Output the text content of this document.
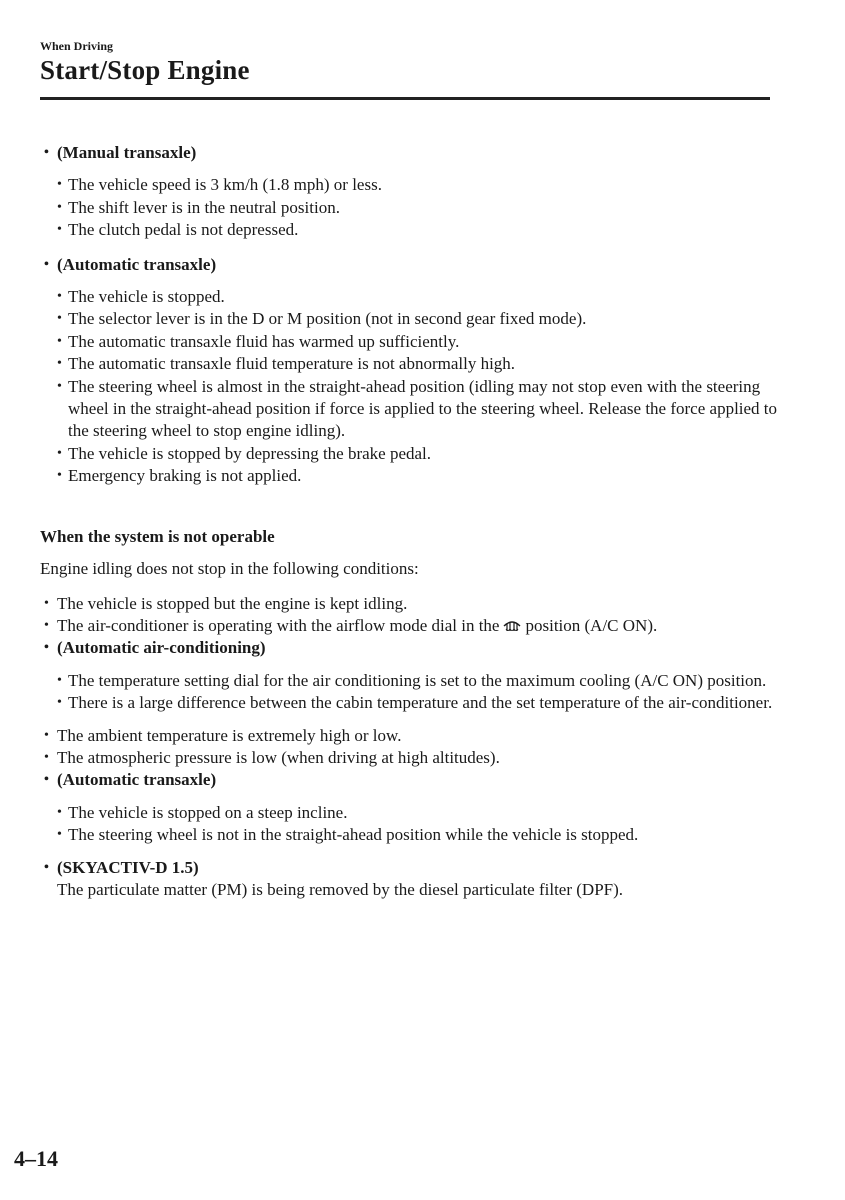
When Driving
Start/Stop Engine
• (Manual transaxle)
• The vehicle speed is 3 km/h (1.8 mph) or less.
• The shift lever is in the neutral position.
• The clutch pedal is not depressed.
• (Automatic transaxle)
• The vehicle is stopped.
• The selector lever is in the D or M position (not in second gear fixed mode).
• The automatic transaxle fluid has warmed up sufficiently.
• The automatic transaxle fluid temperature is not abnormally high.
• The steering wheel is almost in the straight-ahead position (idling may not stop even with the steering wheel in the straight-ahead position if force is applied to the steering wheel. Release the force applied to the steering wheel to stop engine idling).
• The vehicle is stopped by depressing the brake pedal.
• Emergency braking is not applied.
When the system is not operable
Engine idling does not stop in the following conditions:
• The vehicle is stopped but the engine is kept idling.
• The air-conditioner is operating with the airflow mode dial in the position (A/C ON).
• (Automatic air-conditioning)
• The temperature setting dial for the air conditioning is set to the maximum cooling (A/C ON) position.
• There is a large difference between the cabin temperature and the set temperature of the air-conditioner.
• The ambient temperature is extremely high or low.
• The atmospheric pressure is low (when driving at high altitudes).
• (Automatic transaxle)
• The vehicle is stopped on a steep incline.
• The steering wheel is not in the straight-ahead position while the vehicle is stopped.
• (SKYACTIV-D 1.5)
The particulate matter (PM) is being removed by the diesel particulate filter (DPF).
4–14
